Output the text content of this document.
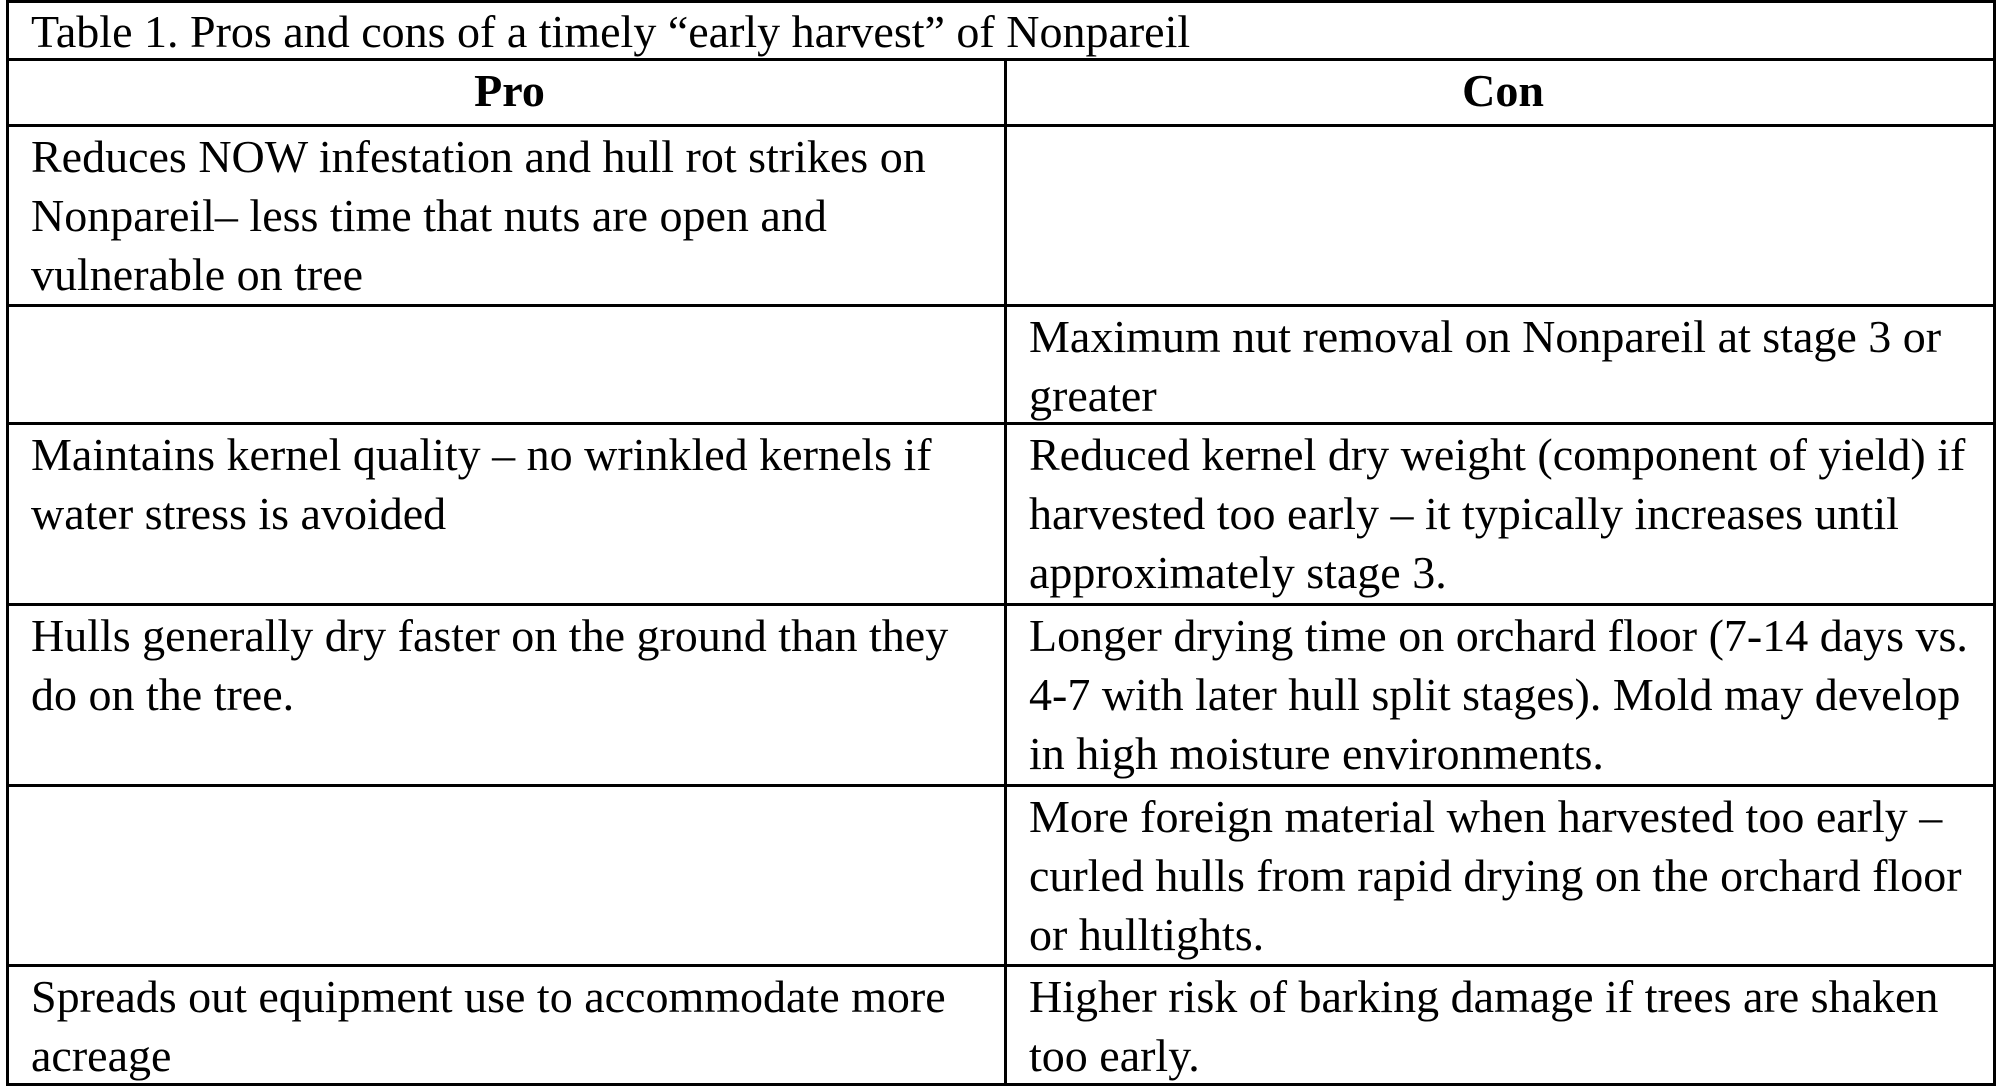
Table 1. Pros and cons of a timely “early harvest” of Nonpareil
Pro	Con
Reduces NOW infestation and hull rot strikes on Nonpareil– less time that nuts are open and vulnerable on tree
Maximum nut removal on Nonpareil at stage 3 or greater
Maintains kernel quality – no wrinkled kernels if water stress is avoided
Reduced kernel dry weight (component of yield) if harvested too early – it typically increases until approximately stage 3.
Hulls generally dry faster on the ground than they do on the tree.
Longer drying time on orchard floor (7-14 days vs. 4-7 with later hull split stages). Mold may develop in high moisture environments.
More foreign material when harvested too early – curled hulls from rapid drying on the orchard floor or hulltights.
Spreads out equipment use to accommodate more acreage
Higher risk of barking damage if trees are shaken too early.
